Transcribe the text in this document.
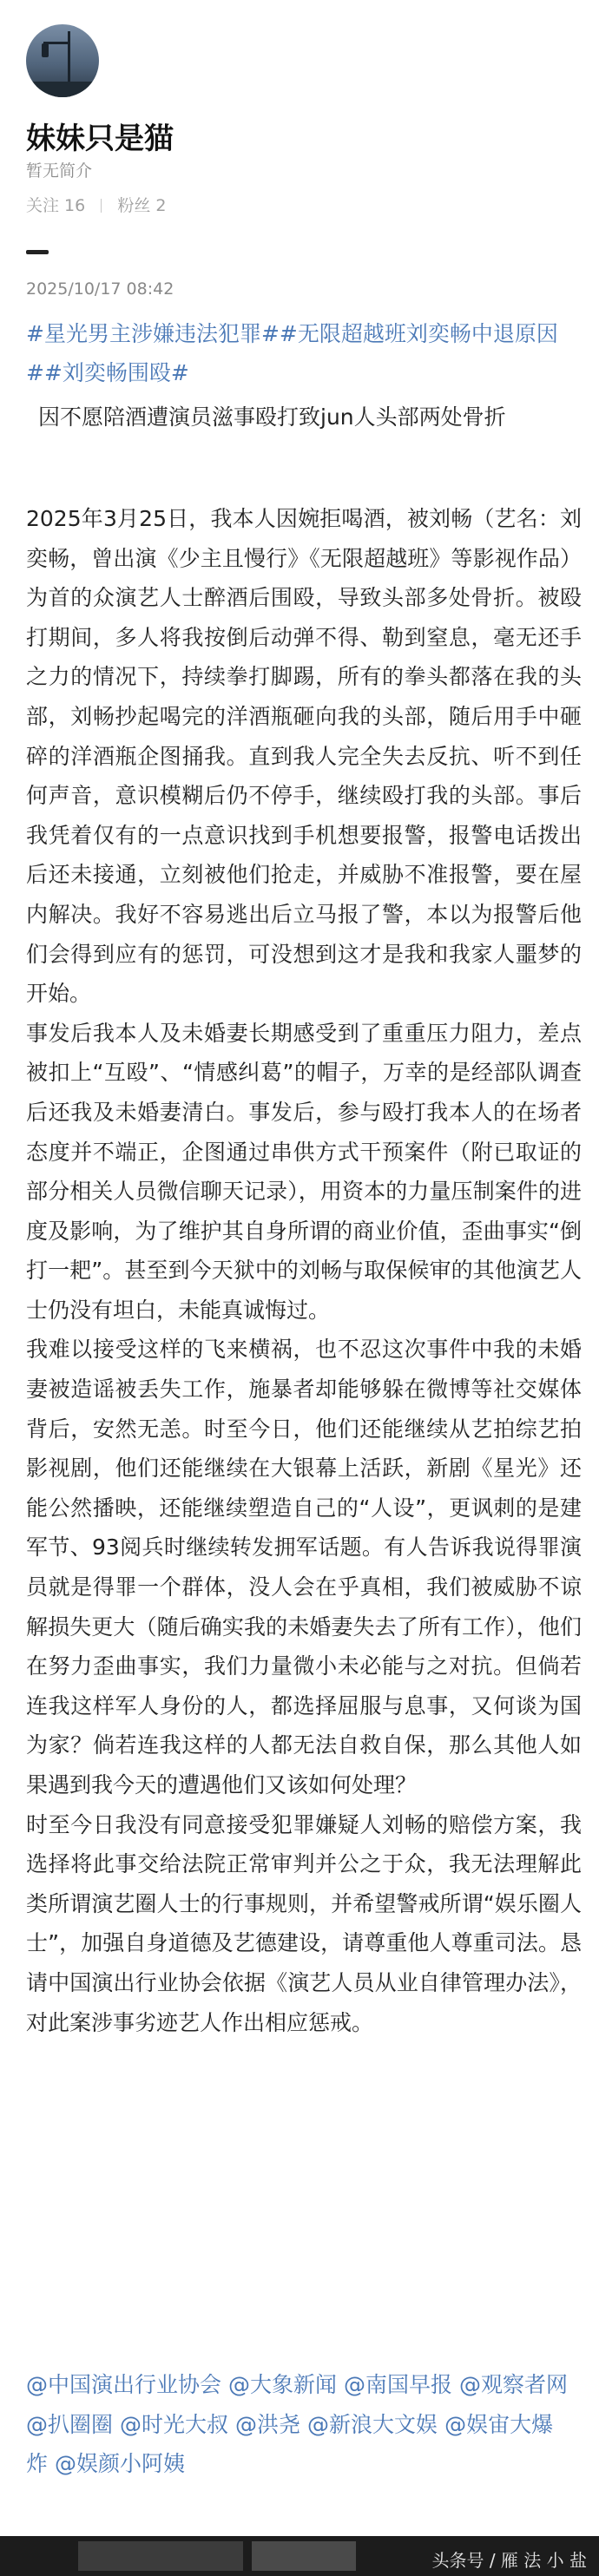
妹妹只是猫
暂无简介
关注 16 粉丝 2
2025/10/17 08:42
#星光男主涉嫌违法犯罪##无限超越班刘奕畅中退原因
##刘奕畅围殴#
因不愿陪酒遭演员滋事殴打致jun人头部两处骨折

2025年3月25日，我本人因婉拒喝酒，被刘畅（艺名：刘奕畅，曾出演《少主且慢行》《无限超越班》等影视作品）为首的众演艺人士醉酒后围殴，导致头部多处骨折。被殴打期间，多人将我按倒后动弹不得、勒到窒息，毫无还手之力的情况下，持续拳打脚踢，所有的拳头都落在我的头部，刘畅抄起喝完的洋酒瓶砸向我的头部，随后用手中砸碎的洋酒瓶企图捅我。直到我人完全失去反抗、听不到任何声音，意识模糊后仍不停手，继续殴打我的头部。事后我凭着仅有的一点意识找到手机想要报警，报警电话拨出后还未接通，立刻被他们抢走，并威胁不准报警，要在屋内解决。我好不容易逃出后立马报了警，本以为报警后他们会得到应有的惩罚，可没想到这才是我和我家人噩梦的开始。

事发后我本人及未婚妻长期感受到了重重压力阻力，差点被扣上“互殴”、“情感纠葛”的帽子，万幸的是经部队调查后还我及未婚妻清白。事发后，参与殴打我本人的在场者态度并不端正，企图通过串供方式干预案件（附已取证的部分相关人员微信聊天记录），用资本的力量压制案件的进度及影响，为了维护其自身所谓的商业价值，歪曲事实“倒打一耙”。甚至到今天狱中的刘畅与取保候审的其他演艺人士仍没有坦白，未能真诚悔过。

我难以接受这样的飞来横祸，也不忍这次事件中我的未婚妻被造谣被丢失工作，施暴者却能够躲在微博等社交媒体背后，安然无恙。时至今日，他们还能继续从艺拍综艺拍影视剧，他们还能继续在大银幕上活跃，新剧《星光》还能公然播映，还能继续塑造自己的“人设”，更讽刺的是建军节、93阅兵时继续转发拥军话题。有人告诉我说得罪演员就是得罪一个群体，没人会在乎真相，我们被威胁不谅解损失更大（随后确实我的未婚妻失去了所有工作），他们在努力歪曲事实，我们力量微小未必能与之对抗。但倘若连我这样军人身份的人，都选择屈服与息事，又何谈为国为家？倘若连我这样的人都无法自救自保，那么其他人如果遇到我今天的遭遇他们又该如何处理？

时至今日我没有同意接受犯罪嫌疑人刘畅的赔偿方案，我选择将此事交给法院正常审判并公之于众，我无法理解此类所谓演艺圈人士的行事规则，并希望警戒所谓“娱乐圈人士”，加强自身道德及艺德建设，请尊重他人尊重司法。恳请中国演出行业协会依据《演艺人员从业自律管理办法》，对此案涉事劣迹艺人作出相应惩戒。

@中国演出行业协会 @大象新闻 @南国早报 @观察者网@扒圈圈 @时光大叔 @洪尧 @新浪大文娱 @娱宙大爆炸 @娱颜小阿姨
头条号 / 雁 法 小 盐
